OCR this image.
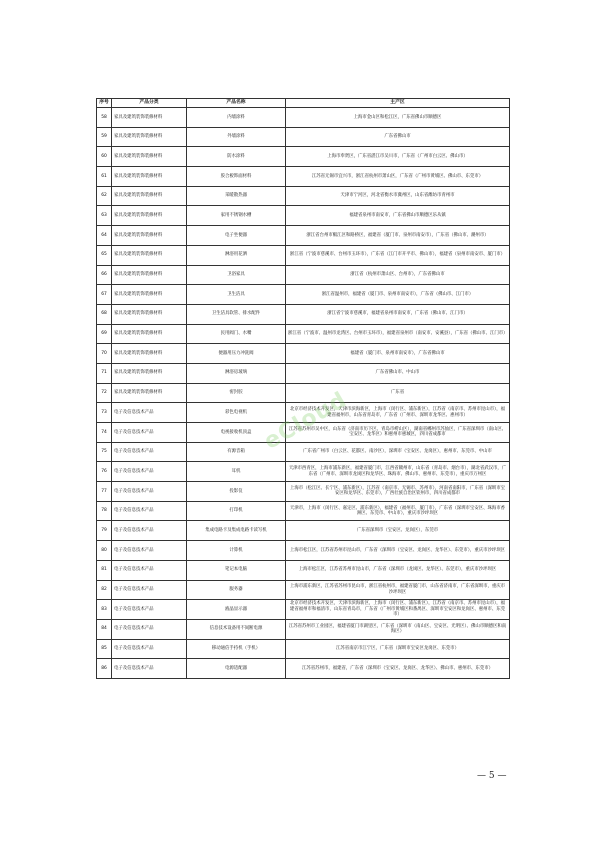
序号	产品分类	产品名称	主产区
58	家具及建筑装饰装修材料	内墙涂料	上海市金山区和松江区，广东省佛山市顺德区
59	家具及建筑装饰装修材料	外墙涂料	广东省佛山市
60	家具及建筑装饰装修材料	防水涂料	上海市奉贤区，广东省湛江市吴川市，广东省（广州市白云区、佛山市）
61	家具及建筑装饰装修材料	胶合板饰面材料	江苏省无锡市宜兴市，浙江省杭州市萧山区，广东省（广州市黄埔区、佛山市、东莞市）
62	家具及建筑装饰装修材料	采暖散热器	天津市宁河区，河北省衡水市冀州区，山东省潍坊市青州市
63	家具及建筑装饰装修材料	家用不锈钢水槽	福建省泉州市南安市，广东省佛山市顺德区乐从镇
64	家具及建筑装饰装修材料	电子坐便器	浙江省台州市椒江区和路桥区，福建省（厦门市、泉州市南安市），广东省（佛山市、潮州市）
65	家具及建筑装饰装修材料	淋浴用花洒	浙江省（宁波市慈溪市、台州市玉环市），广东省（江门市开平市、佛山市），福建省（泉州市南安市、厦门市）
66	家具及建筑装饰装修材料	卫浴家具	浙江省（杭州市萧山区、台州市），广东省佛山市
67	家具及建筑装饰装修材料	卫生洁具	浙江省温州市，福建省（厦门市、泉州市南安市），广东省（佛山市、江门市）
68	家具及建筑装饰装修材料	卫生洁具软管、排水配件	浙江省宁波市慈溪市，福建省泉州市南安市，广东省（佛山市、江门市）
69	家具及建筑装饰装修材料	民用阀门、水嘴	浙江省（宁波市、温州市龙湾区、台州市玉环市），福建省泉州市（南安市、安溪县），广东省（佛山市、江门市）
70	家具及建筑装饰装修材料	便器用压力冲洗阀	福建省（厦门市、泉州市南安市），广东省佛山市
71	家具及建筑装饰装修材料	淋浴房玻璃	广东省佛山市、中山市
72	家具及建筑装饰装修材料	密封胶	广东省
73	电子及信息技术产品	彩色电视机	北京市经济技术开发区，天津市滨海新区，上海市（闵行区、浦东新区），江苏省（南京市、苏州市昆山市），福建省福州市，山东省青岛市，广东省（广州市、深圳市龙华区、惠州市）
74	电子及信息技术产品	电视接收机顶盒	江苏省苏州市吴中区，山东省（济南市历下区、青岛市崂山区），湖南省郴州市苏仙区，广东省深圳市（南山区、宝安区、龙华区）和惠州市惠城区，四川省成都市
75	电子及信息技术产品	有源音箱	广东省广州市（白云区、花都区、南沙区），深圳市（宝安区、龙岗区），惠州市、东莞市、中山市
76	电子及信息技术产品	耳机	天津市西青区，上海市浦东新区，福建省厦门市，江西省赣州市，山东省（青岛市、烟台市），湖北省武汉市，广东省（广州市、深圳市龙岗区和龙华区、珠海市、佛山市、惠州市、东莞市），重庆市万州区
77	电子及信息技术产品	投影仪	上海市（松江区、长宁区、浦东新区），江苏省（南京市、无锡市、苏州市），河南省南阳市，广东省（深圳市宝安区和龙华区、东莞市），广西壮族自治区钦州市，四川省成都市
78	电子及信息技术产品	打印机	天津市，上海市（闵行区、嘉定区、浦东新区），福建省（福州市、厦门市），广东省（深圳市宝安区、珠海市香洲区、东莞市、中山市），重庆市沙坪坝区
79	电子及信息技术产品	集成电路卡及集成电路卡读写机	广东省深圳市（宝安区、龙岗区），东莞市
80	电子及信息技术产品	计算机	上海市松江区，江苏省苏州市昆山市，广东省（深圳市（宝安区、龙岗区、龙华区）、东莞市），重庆市沙坪坝区
81	电子及信息技术产品	笔记本电脑	上海市松江区，江苏省苏州市昆山市，广东省（深圳市（龙岗区、龙华区）、东莞市），重庆市沙坪坝区
82	电子及信息技术产品	服务器	上海市浦东新区，江苏省苏州市昆山市，浙江省杭州市，福建省厦门市，山东省济南市，广东省深圳市，重庆市沙坪坝区
83	电子及信息技术产品	液晶显示器	北京市经济技术开发区，天津市滨海新区，上海市（闵行区、浦东新区），江苏省（南京市、苏州市昆山市），福建省福州市和福清市，山东省青岛市，广东省（广州市黄埔区和番禺区、深圳市宝安区和龙岗区、惠州市、东莞市）
84	电子及信息技术产品	信息技术设备用不间断电源	江苏省苏州市工业园区，福建省厦门市湖里区，广东省（深圳市（南山区、宝安区、光明区）、佛山市顺德区和南海区）
85	电子及信息技术产品	移动通信手持机（手机）	江苏省南京市江宁区，广东省（深圳市宝安区龙岗区、东莞市）
86	电子及信息技术产品	电源适配器	江苏省苏州市，福建省，广东省（深圳市（宝安区、龙岗区、龙华区）、佛山市、惠州市、东莞市）
eCloud
— 5 —
